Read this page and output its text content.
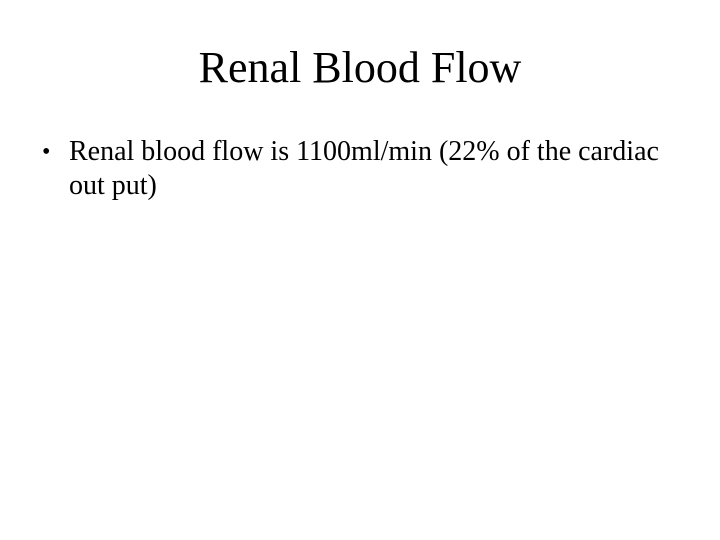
Renal Blood Flow
• Renal blood flow is 1100ml/min (22% of the cardiac out put)
